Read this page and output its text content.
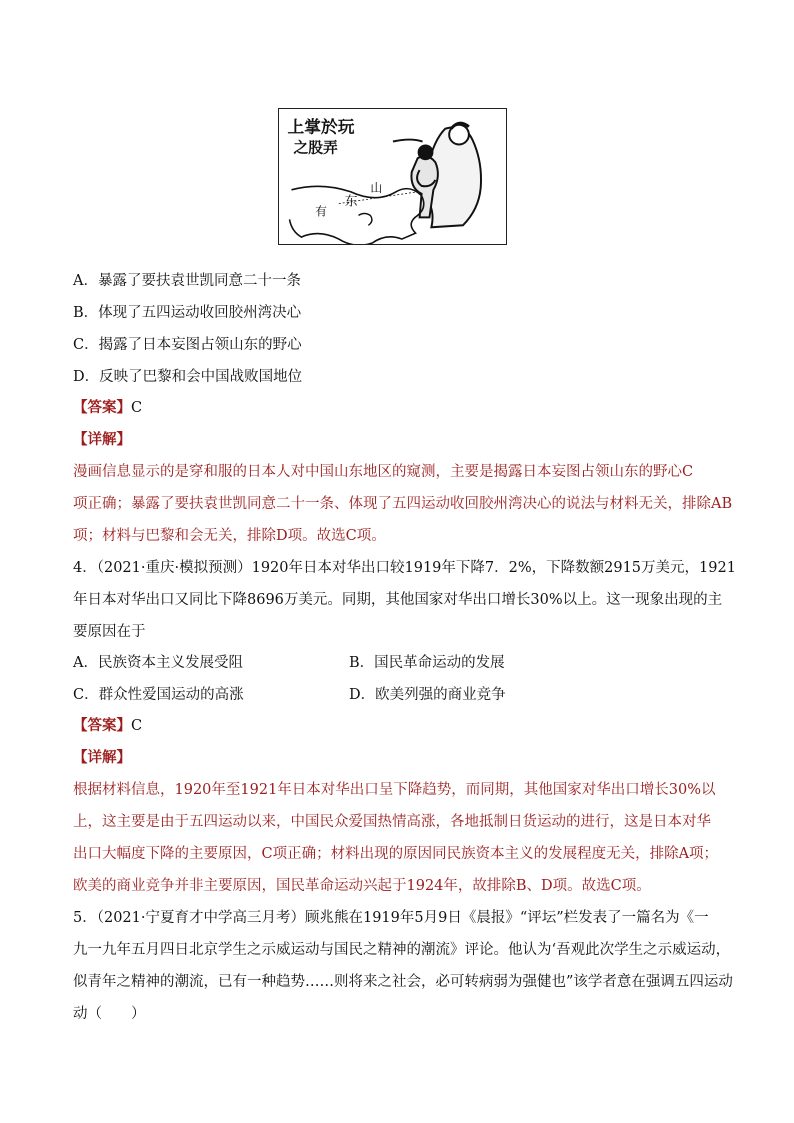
上掌於玩
之股弄
山
东
有
A．暴露了要扶袁世凯同意二十一条
B．体现了五四运动收回胶州湾决心
C．揭露了日本妄图占领山东的野心
D．反映了巴黎和会中国战败国地位
【答案】C
【详解】
漫画信息显示的是穿和服的日本人对中国山东地区的窥测，主要是揭露日本妄图占领山东的野心C
项正确；暴露了要扶袁世凯同意二十一条、体现了五四运动收回胶州湾决心的说法与材料无关，排除AB
项；材料与巴黎和会无关，排除D项。故选C项。
4．（2021·重庆·模拟预测）1920年日本对华出口较1919年下降7．2%，下降数额2915万美元，1921
年日本对华出口又同比下降8696万美元。同期，其他国家对华出口增长30%以上。这一现象出现的主
要原因在于
A．民族资本主义发展受阻	B．国民革命运动的发展
C．群众性爱国运动的高涨	D．欧美列强的商业竞争
【答案】C
【详解】
根据材料信息，1920年至1921年日本对华出口呈下降趋势，而同期，其他国家对华出口增长30%以
上，这主要是由于五四运动以来，中国民众爱国热情高涨，各地抵制日货运动的进行，这是日本对华
出口大幅度下降的主要原因，C项正确；材料出现的原因同民族资本主义的发展程度无关，排除A项；
欧美的商业竞争并非主要原因，国民革命运动兴起于1924年，故排除B、D项。故选C项。
5．（2021·宁夏育才中学高三月考）顾兆熊在1919年5月9日《晨报》“评坛”栏发表了一篇名为《一
九一九年五月四日北京学生之示威运动与国民之精神的潮流》评论。他认为‘吾观此次学生之示威运动，
似青年之精神的潮流，已有一种趋势……则将来之社会，必可转病弱为强健也”该学者意在强调五四运动
动（　　）
